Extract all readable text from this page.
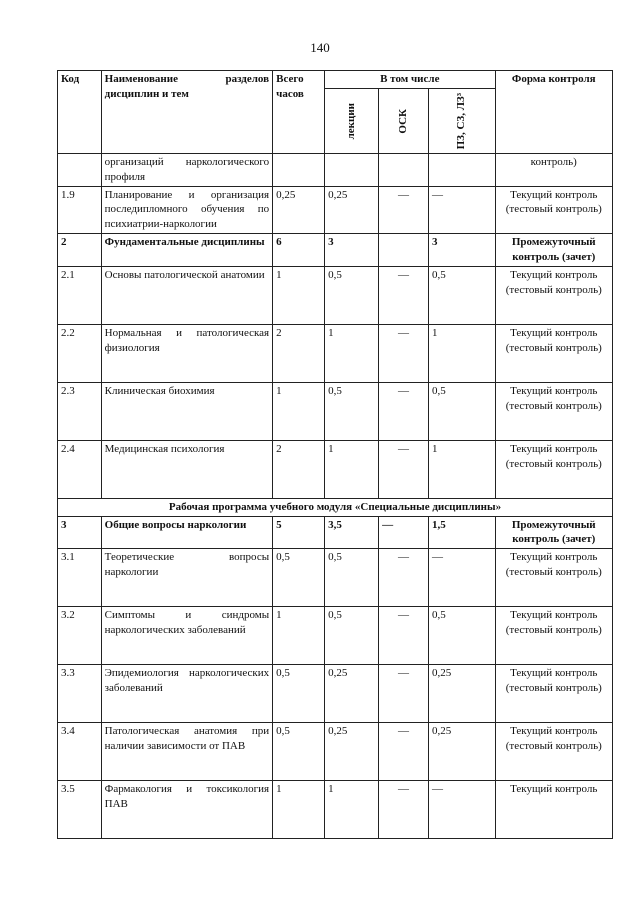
140
Код	Наименование разделов дисциплин и тем	Всего часов	В том числе			Форма контроля

			лекции	ОСК	ПЗ, СЗ, ЛЗ³	

	организаций наркологического профиля					контроль)
1.9	Планирование и организация последипломного обучения по психиатрии-наркологии	0,25	0,25	—	—	Текущий контроль (тестовый контроль)
2	Фундаментальные дисциплины	6	3		3	Промежуточный контроль (зачет)
2.1	Основы патологической анатомии	1	0,5	—	0,5	Текущий контроль (тестовый контроль)
2.2	Нормальная и патологическая физиология	2	1	—	1	Текущий контроль (тестовый контроль)
2.3	Клиническая биохимия	1	0,5	—	0,5	Текущий контроль (тестовый контроль)
2.4	Медицинская психология	2	1	—	1	Текущий контроль (тестовый контроль)
Рабочая программа учебного модуля «Специальные дисциплины»						
3	Общие вопросы наркологии	5	3,5	—	1,5	Промежуточный контроль (зачет)
3.1	Теоретические вопросы наркологии	0,5	0,5	—	—	Текущий контроль (тестовый контроль)
3.2	Симптомы и синдромы наркологических заболеваний	1	0,5	—	0,5	Текущий контроль (тестовый контроль)
3.3	Эпидемиология наркологических заболеваний	0,5	0,25	—	0,25	Текущий контроль (тестовый контроль)
3.4	Патологическая анатомия при наличии зависимости от ПАВ	0,5	0,25	—	0,25	Текущий контроль (тестовый контроль)
3.5	Фармакология и токсикология ПАВ	1	1	—	—	Текущий контроль
